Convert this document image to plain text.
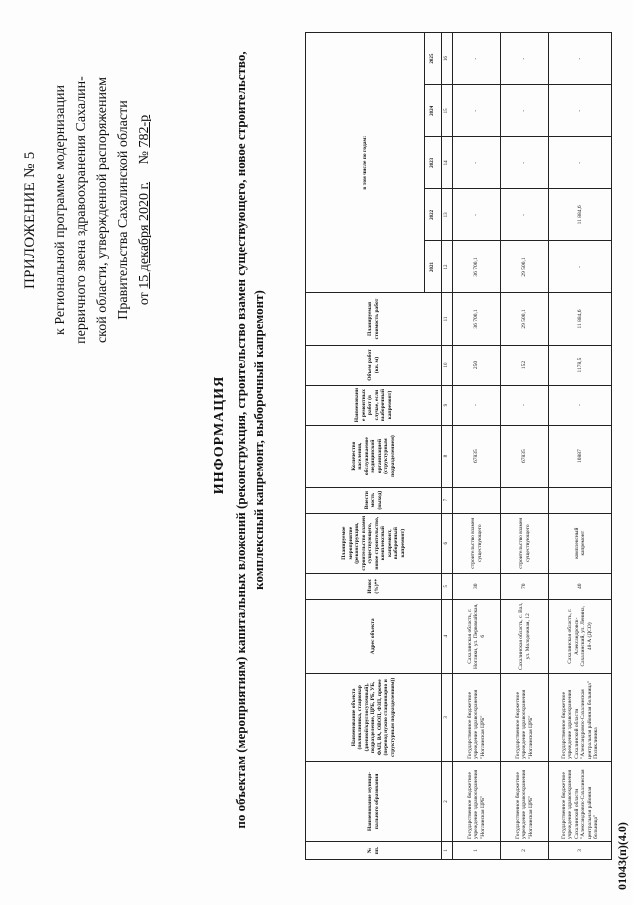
ПРИЛОЖЕНИЕ № 5 к Региональной программе модернизации первичного звена здравоохранения Сахалин- ской области, утвержденной распоряжением Правительства Сахалинской области от 15 декабря 2020 г.     № 782-р
ИНФОРМАЦИЯ по объектам (мероприятиям) капитальных вложений (реконструкция, строительство взамен существующего, новое строительство, комплексный капремонт, выборочный капремонт)
01043(п)(4.0)
№ пп.	Наименование муници-пального образования	Наименование объекта (поликлиника, стационар (дневной/круглосуточный), подразделение, ЦРБ, РБ, УБ, ФАП, ВА, ОВОП, ФЗП, прочее (перевод нужно стационарно и структурным подразделениям))	Адрес объекта	Износ (%)**	Планируемое мероприятие (реконструкция, строительство взамен существующего, новое строительство, комплексный капремонт, выборочный капремонт)	Вместимость (выход)	Количество населения, обслуживаемое медицинской организацией (структурным подразделением)	Наименование ремонтных работ (в случае, если выборочный капремонт)	Объем работ (кв. м)	Планируемая стоимость работ	в том числе по годам:				
											2021	2022	2023	2024	2025
1	2	3	4	5	6	7	8	9	10	11	12	13	14	15	16
1	Государственное бюджетное учреждение здравоохранения "Ноглинская ЦРБ"	Государственное бюджетное учреждение здравоохранения "Ноглинская ЦРБ"	Сахалинская область, г. Ноглики, ул. Первомайская, 6	30	строительство взамен существующего		67835	-	250	36 700,1	36 700,1	-	-	-	-
2	Государственное бюджетное учреждение здравоохранения "Ноглинская ЦРБ"	Государственное бюджетное учреждение здравоохранения "Ноглинская ЦРБ"	Сахалинская область, с. Вал, ул. Молодежная, 12	70	строительство взамен существующего		67835	-	152	29 500,1	29 500,1	-	-	-	-
3	Государственное бюджетное учреждение здравоохранения Сахалинской области "Александровск-Сахалинская центральная районная больница"	Государственное бюджетное учреждение здравоохранения Сахалинской области "Александровск-Сахалинская центральная районная больница" Поликлиника	Сахалинская область, г. Александровск-Сахалинский, ул. Ленина, 48-А (ДСО)	40	комплексный капремонт		10887	-	1178,5	11 884,6	-	11 884,6	-	-	-
